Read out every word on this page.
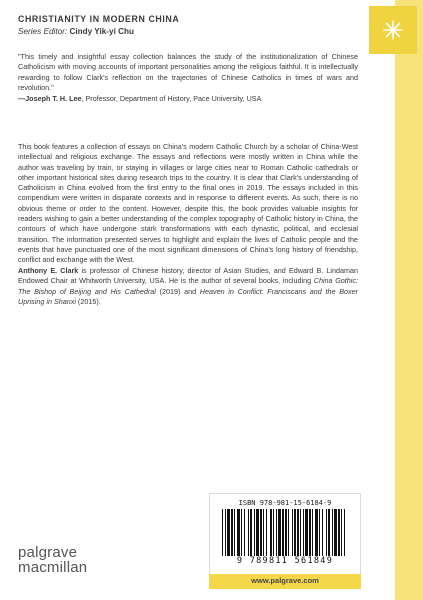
CHRISTIANITY IN MODERN CHINA
Series Editor: Cindy Yik-yi Chu
"This timely and insightful essay collection balances the study of the institutionalization of Chinese Catholicism with moving accounts of important personalities among the religious faithful. It is intellectually rewarding to follow Clark's reflection on the trajectories of Chinese Catholics in times of wars and revolution."
—Joseph T. H. Lee, Professor, Department of History, Pace University, USA
This book features a collection of essays on China's modern Catholic Church by a scholar of China-West intellectual and religious exchange. The essays and reflections were mostly written in China while the author was traveling by train, or staying in villages or large cities near to Roman Catholic cathedrals or other important historical sites during research trips to the country. It is clear that Clark's understanding of Catholicism in China evolved from the first entry to the final ones in 2019. The essays included in this compendium were written in disparate contexts and in response to different events. As such, there is no obvious theme or order to the content. However, despite this, the book provides valuable insights for readers wishing to gain a better understanding of the complex topography of Catholic history in China, the contours of which have undergone stark transformations with each dynastic, political, and ecclesial transition. The information presented serves to highlight and explain the lives of Catholic people and the events that have punctuated one of the most significant dimensions of China's long history of friendship, conflict and exchange with the West.
Anthony E. Clark is professor of Chinese history, director of Asian Studies, and Edward B. Lindaman Endowed Chair at Whitworth University, USA. He is the author of several books, including China Gothic: The Bishop of Beijing and His Cathedral (2019) and Heaven in Conflict: Franciscans and the Boxer Uprising in Shanxi (2015).
ISBN 978-981-15-6184-9
9 789811 561849
www.palgrave.com
palgrave
macmillan
